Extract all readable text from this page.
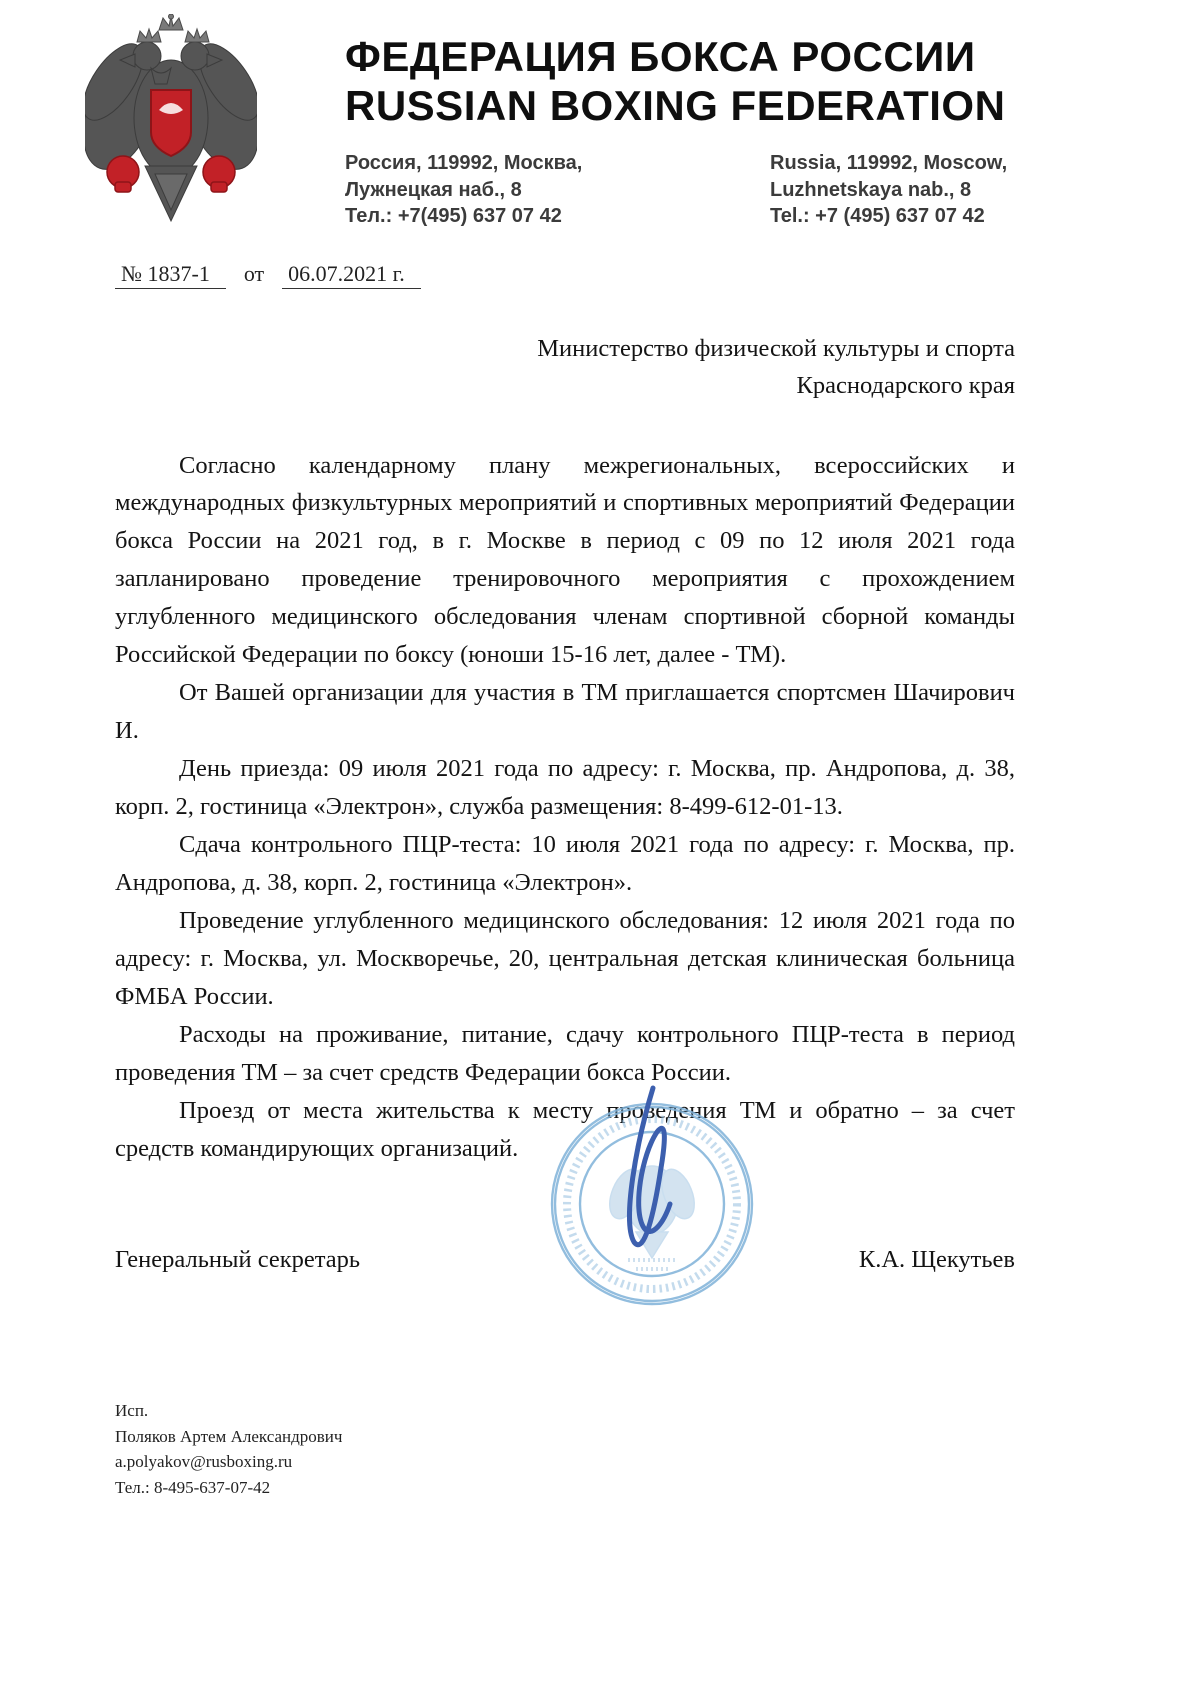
ФЕДЕРАЦИЯ БОКСА РОССИИ
RUSSIAN BOXING FEDERATION
Россия, 119992, Москва,
Лужнецкая наб., 8
Тел.: +7(495) 637 07 42
Russia, 119992, Moscow,
Luzhnetskaya nab., 8
Tel.: +7 (495) 637 07 42
№ 1837-1 от 06.07.2021 г.
Министерство физической культуры и спорта
Краснодарского края

Согласно календарному плану межрегиональных, всероссийских и международных физкультурных мероприятий и спортивных мероприятий Федерации бокса России на 2021 год, в г. Москве в период с 09 по 12 июля 2021 года запланировано проведение тренировочного мероприятия с прохождением углубленного медицинского обследования членам спортивной сборной команды Российской Федерации по боксу (юноши 15-16 лет, далее - ТМ).

От Вашей организации для участия в ТМ приглашается спортсмен Шачирович И.

День приезда: 09 июля 2021 года по адресу: г. Москва, пр. Андропова, д. 38, корп. 2, гостиница «Электрон», служба размещения: 8-499-612-01-13.

Сдача контрольного ПЦР-теста: 10 июля 2021 года по адресу: г. Москва, пр. Андропова, д. 38, корп. 2, гостиница «Электрон».

Проведение углубленного медицинского обследования: 12 июля 2021 года по адресу: г. Москва, ул. Москворечье, 20, центральная детская клиническая больница ФМБА России.

Расходы на проживание, питание, сдачу контрольного ПЦР-теста в период проведения ТМ – за счет средств Федерации бокса России.

Проезд от места жительства к месту проведения ТМ и обратно – за счет средств командирующих организаций.

Генеральный секретарь	К.А. Щекутьев
Исп.
Поляков Артем Александрович
a.polyakov@rusboxing.ru
Тел.: 8-495-637-07-42
